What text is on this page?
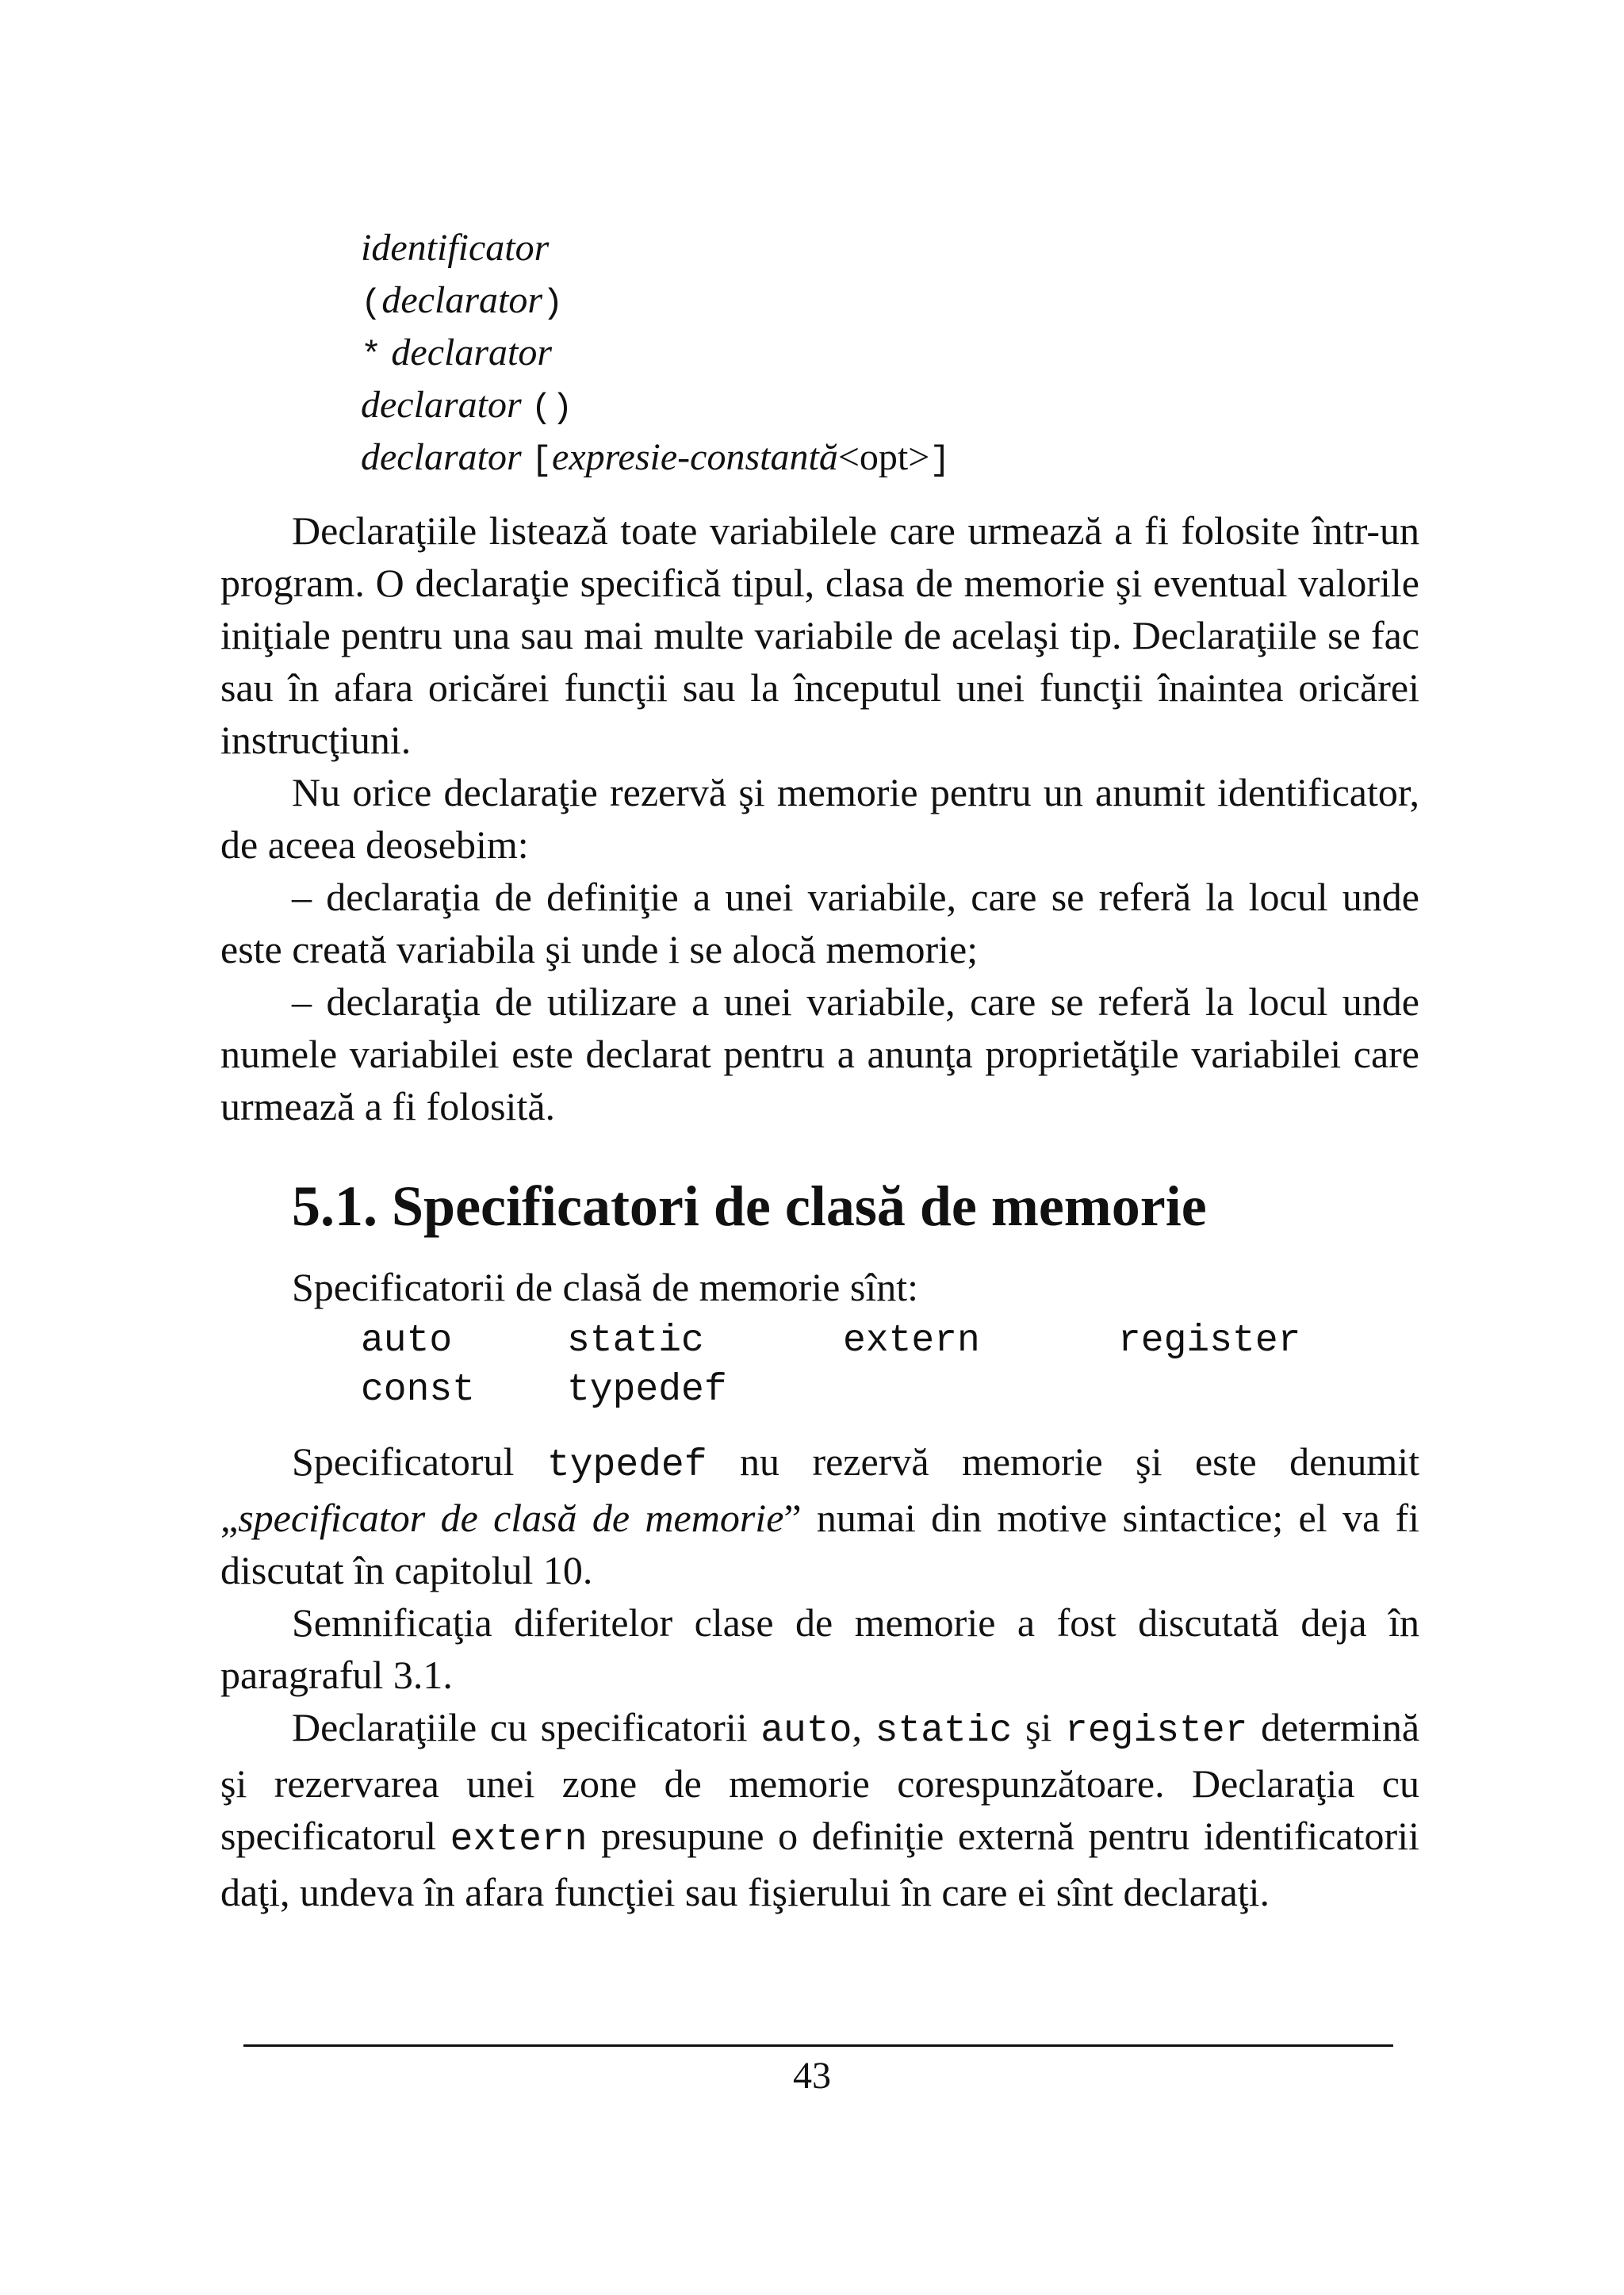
identificator
(declarator)
* declarator
declarator ()
declarator [expresie-constantă<opt>]

Declaraţiile listează toate variabilele care urmează a fi folosite într-un program. O declaraţie specifică tipul, clasa de memorie şi eventual valorile iniţiale pentru una sau mai multe variabile de acelaşi tip. Declaraţiile se fac sau în afara oricărei funcţii sau la începutul unei funcţii înaintea oricărei instrucţiuni.

Nu orice declaraţie rezervă şi memorie pentru un anumit identificator, de aceea deosebim:

– declaraţia de definiţie a unei variabile, care se referă la locul unde este creată variabila şi unde i se alocă memorie;

– declaraţia de utilizare a unei variabile, care se referă la locul unde numele variabilei este declarat pentru a anunţa proprietăţile variabilei care urmează a fi folosită.

5.1. Specificatori de clasă de memorie
Specificatorii de clasă de memorie sînt:
auto	static	extern	register
const typedef

Specificatorul typedef nu rezervă memorie şi este denumit „specificator de clasă de memorie” numai din motive sintactice; el va fi discutat în capitolul 10.

Semnificaţia diferitelor clase de memorie a fost discutată deja în paragraful 3.1.

Declaraţiile cu specificatorii auto, static şi register determină şi rezervarea unei zone de memorie corespunzătoare. Declaraţia cu specificatorul extern presupune o definiţie externă pentru identificatorii daţi, undeva în afara funcţiei sau fişierului în care ei sînt declaraţi.

43
